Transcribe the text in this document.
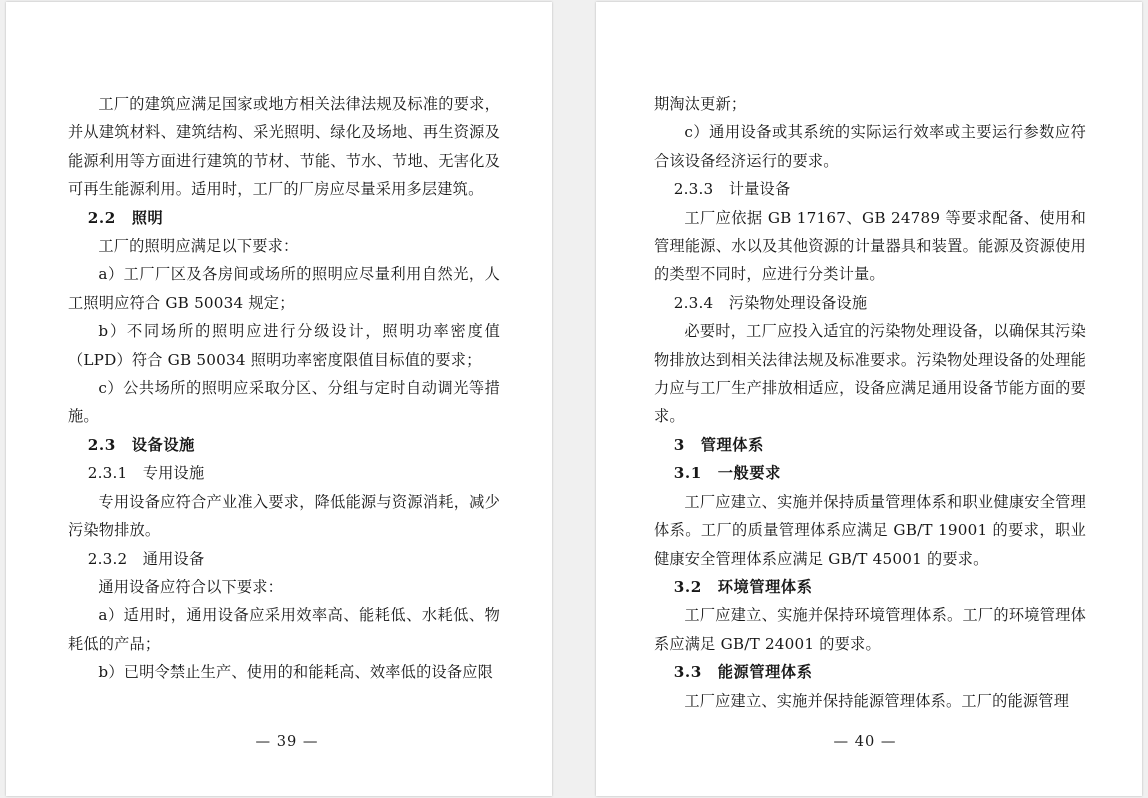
工厂的建筑应满足国家或地方相关法律法规及标准的要求，并从建筑材料、建筑结构、采光照明、绿化及场地、再生资源及能源利用等方面进行建筑的节材、节能、节水、节地、无害化及可再生能源利用。适用时，工厂的厂房应尽量采用多层建筑。

2.2　照明

工厂的照明应满足以下要求：

a）工厂厂区及各房间或场所的照明应尽量利用自然光，人工照明应符合 GB 50034 规定；

b）不同场所的照明应进行分级设计，照明功率密度值（LPD）符合 GB 50034 照明功率密度限值目标值的要求；

c）公共场所的照明应采取分区、分组与定时自动调光等措施。

2.3　设备设施

2.3.1　专用设施

专用设备应符合产业准入要求，降低能源与资源消耗，减少污染物排放。

2.3.2　通用设备

通用设备应符合以下要求：

a）适用时，通用设备应采用效率高、能耗低、水耗低、物耗低的产品；

b）已明令禁止生产、使用的和能耗高、效率低的设备应限

— 39 —

期淘汰更新；

c）通用设备或其系统的实际运行效率或主要运行参数应符合该设备经济运行的要求。

2.3.3　计量设备

工厂应依据 GB 17167、GB 24789 等要求配备、使用和管理能源、水以及其他资源的计量器具和装置。能源及资源使用的类型不同时，应进行分类计量。

2.3.4　污染物处理设备设施

必要时，工厂应投入适宜的污染物处理设备，以确保其污染物排放达到相关法律法规及标准要求。污染物处理设备的处理能力应与工厂生产排放相适应，设备应满足通用设备节能方面的要求。

3　管理体系

3.1　一般要求

工厂应建立、实施并保持质量管理体系和职业健康安全管理体系。工厂的质量管理体系应满足 GB/T 19001 的要求，职业健康安全管理体系应满足 GB/T 45001 的要求。

3.2　环境管理体系

工厂应建立、实施并保持环境管理体系。工厂的环境管理体系应满足 GB/T 24001 的要求。

3.3　能源管理体系

工厂应建立、实施并保持能源管理体系。工厂的能源管理

— 40 —
